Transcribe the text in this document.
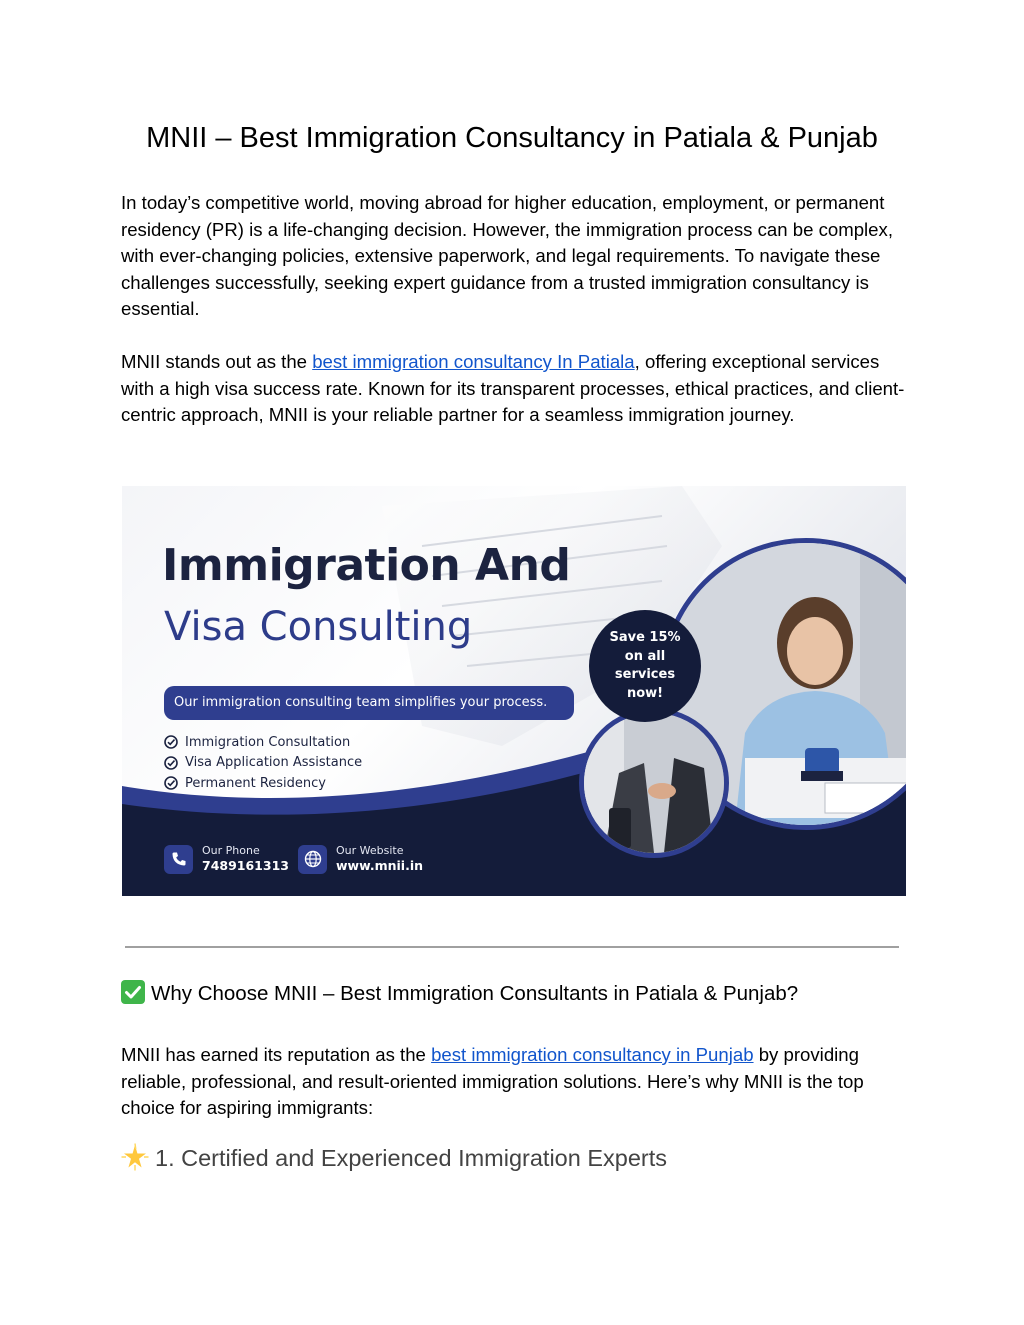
MNII – Best Immigration Consultancy in Patiala & Punjab

In today’s competitive world, moving abroad for higher education, employment, or permanent residency (PR) is a life-changing decision. However, the immigration process can be complex, with ever-changing policies, extensive paperwork, and legal requirements. To navigate these challenges successfully, seeking expert guidance from a trusted immigration consultancy is essential.

MNII stands out as the best immigration consultancy In Patiala, offering exceptional services with a high visa success rate. Known for its transparent processes, ethical practices, and client-centric approach, MNII is your reliable partner for a seamless immigration journey.

Immigration And
Visa Consulting
Our immigration consulting team simplifies your process.
Immigration Consultation
Visa Application Assistance
Permanent Residency
Save 15% on all services now!
Our Phone
7489161313
Our Website
www.mnii.in
Why Choose MNII – Best Immigration Consultants in Patiala & Punjab?

MNII has earned its reputation as the best immigration consultancy in Punjab by providing reliable, professional, and result-oriented immigration solutions. Here’s why MNII is the top choice for aspiring immigrants:

1. Certified and Experienced Immigration Experts
